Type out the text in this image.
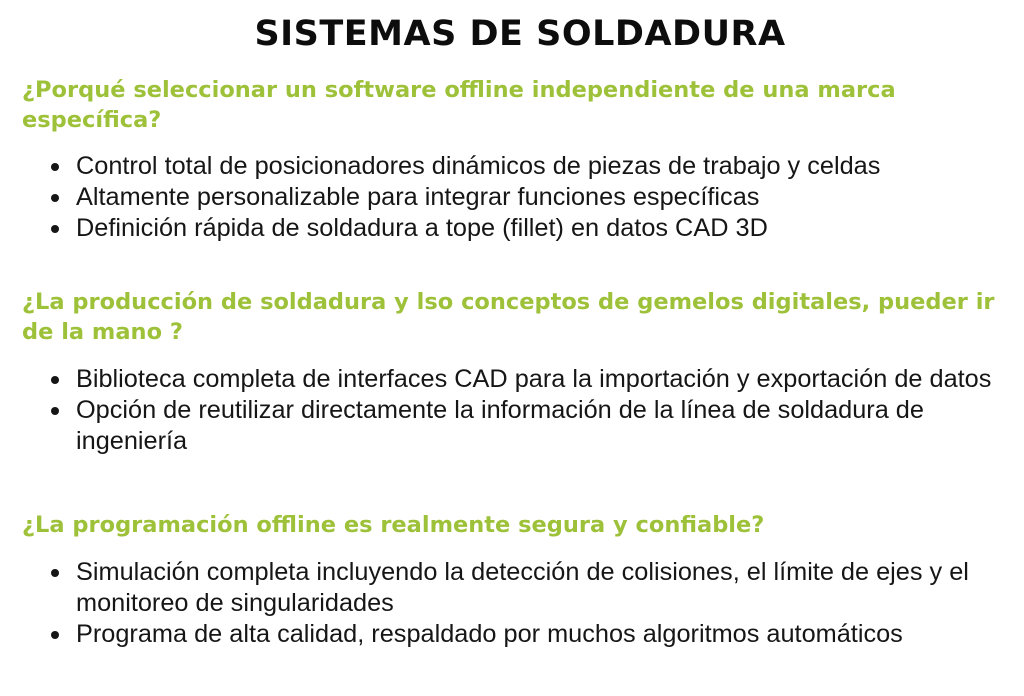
SISTEMAS DE SOLDADURA
¿Porqué seleccionar un software offline independiente de una marca específica?
Control total de posicionadores dinámicos de piezas de trabajo y celdas
Altamente personalizable para integrar funciones específicas
Definición rápida de soldadura a tope (fillet) en datos CAD 3D
¿La producción de soldadura y lso conceptos de gemelos digitales, pueder ir de la mano ?
Biblioteca completa de interfaces CAD para la importación y exportación de datos
Opción de reutilizar directamente la información de la línea de soldadura de ingeniería
¿La programación offline es realmente segura y confiable?
Simulación completa incluyendo la detección de colisiones, el límite de ejes y el monitoreo de singularidades
Programa de alta calidad, respaldado por muchos algoritmos automáticos
